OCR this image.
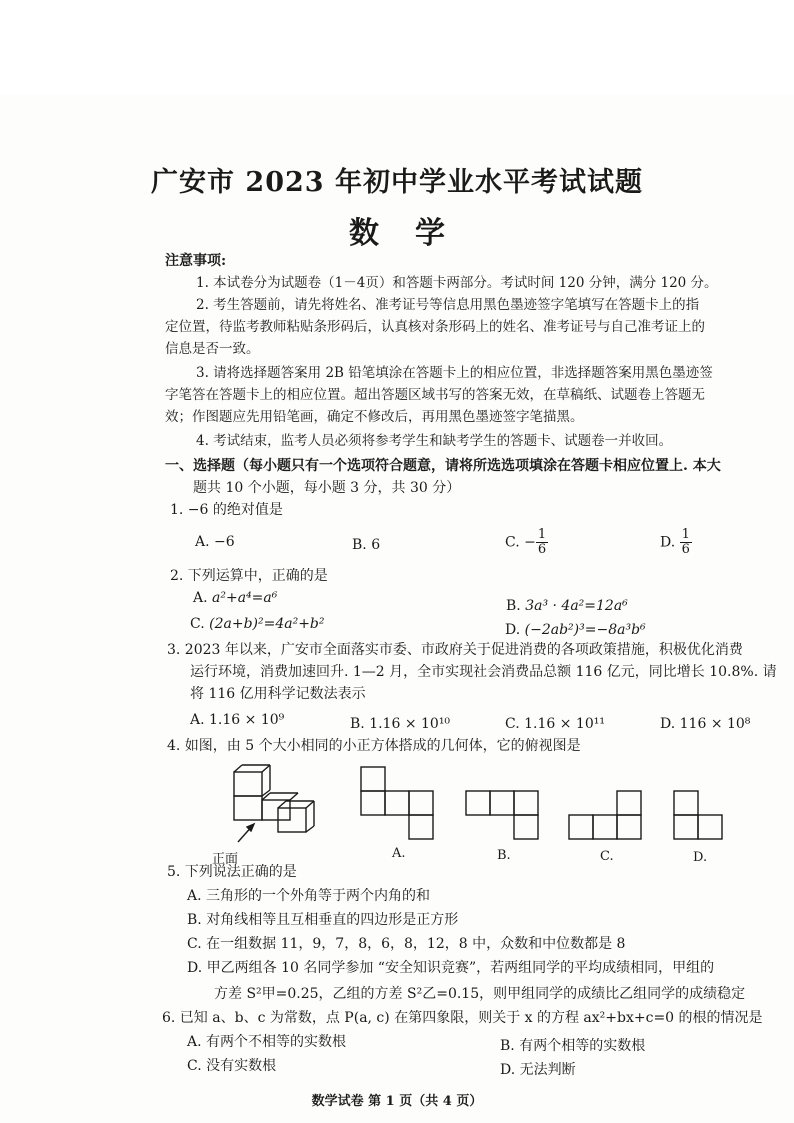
广安市 2023 年初中学业水平考试试题
数学
注意事项:
1. 本试卷分为试题卷（1－4页）和答题卡两部分。考试时间 120 分钟，满分 120 分。
2. 考生答题前，请先将姓名、准考证号等信息用黑色墨迹签字笔填写在答题卡上的指
定位置，待监考教师粘贴条形码后，认真核对条形码上的姓名、准考证号与自己准考证上的
信息是否一致。
3. 请将选择题答案用 2B 铅笔填涂在答题卡上的相应位置，非选择题答案用黑色墨迹签
字笔答在答题卡上的相应位置。超出答题区域书写的答案无效，在草稿纸、试题卷上答题无
效；作图题应先用铅笔画，确定不修改后，再用黑色墨迹签字笔描黑。
4. 考试结束，监考人员必须将参考学生和缺考学生的答题卡、试题卷一并收回。
一、选择题（每小题只有一个选项符合题意，请将所选选项填涂在答题卡相应位置上. 本大
题共 10 个小题，每小题 3 分，共 30 分）
1. −6 的绝对值是
A. −6	B. 6	C. − $\frac{1}{6}$	D. $\frac{1}{6}$
2. 下列运算中，正确的是
A. a²+a⁴=a⁶	B. 3a³ · 4a²=12a⁶
C. (2a+b)²=4a²+b²	D. (−2ab²)³=−8a³b⁶
3. 2023 年以来，广安市全面落实市委、市政府关于促进消费的各项政策措施，积极优化消费
运行环境，消费加速回升. 1—2 月，全市实现社会消费品总额 116 亿元，同比增长 10.8%. 请
将 116 亿用科学记数法表示
A. 1.16 × 10⁹	B. 1.16 × 10¹⁰	C. 1.16 × 10¹¹	D. 116 × 10⁸
4. 如图，由 5 个大小相同的小正方体搭成的几何体，它的俯视图是
正面	A.	B.	C.	D.
5. 下列说法正确的是
A. 三角形的一个外角等于两个内角的和
B. 对角线相等且互相垂直的四边形是正方形
C. 在一组数据 11，9，7，8，6，8，12，8 中，众数和中位数都是 8
D. 甲乙两组各 10 名同学参加 “安全知识竞赛”，若两组同学的平均成绩相同，甲组的
方差 S²甲=0.25，乙组的方差 S²乙=0.15，则甲组同学的成绩比乙组同学的成绩稳定
6. 已知 a、b、c 为常数，点 P(a, c) 在第四象限，则关于 x 的方程 ax²+bx+c=0 的根的情况是
A. 有两个不相等的实数根	B. 有两个相等的实数根
C. 没有实数根	D. 无法判断
数学试卷 第 1 页（共 4 页）
